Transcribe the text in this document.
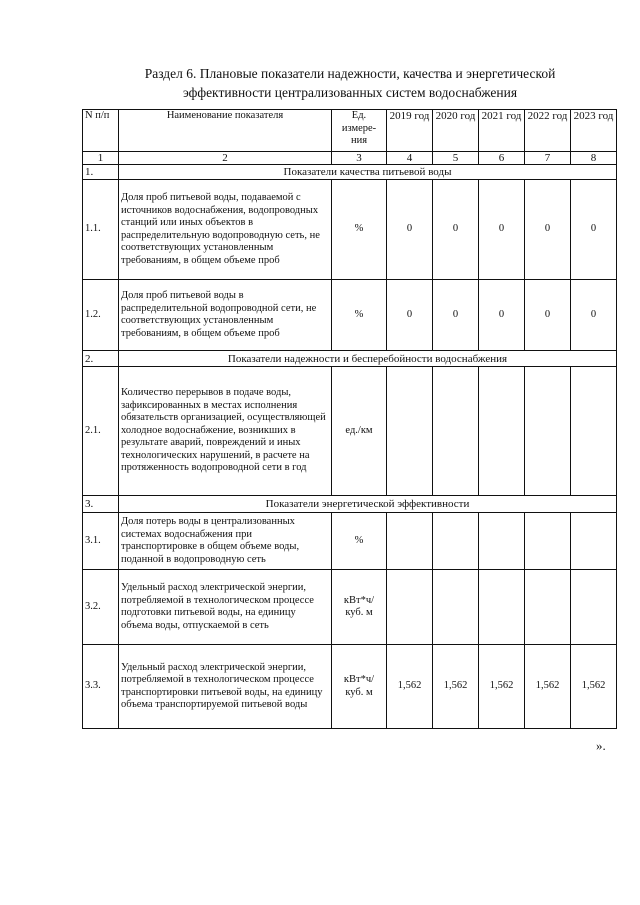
Раздел 6. Плановые показатели надежности, качества и энергетической
эффективности централизованных систем водоснабжения
N п/п	Наименование показателя	Ед. измере- ния	2019 год	2020 год	2021 год	2022 год	2023 год
1	2	3	4	5	6	7	8
1.	Показатели качества питьевой воды						
1.1.	Доля проб питьевой воды, подаваемой с источников водоснабжения, водопроводных станций или иных объектов в распределительную водопроводную сеть, не соответствующих установленным требованиям, в общем объеме проб	%	0	0	0	0	0
1.2.	Доля проб питьевой воды в распределительной водопроводной сети, не соответствующих установленным требованиям, в общем объеме проб	%	0	0	0	0	0
2.	Показатели надежности и бесперебойности водоснабжения						
2.1.	Количество перерывов в подаче воды, зафиксированных в местах исполнения обязательств организацией, осуществляющей холодное водоснабжение, возникших в результате аварий, повреждений и иных технологических нарушений, в расчете на протяженность водопроводной сети в год	ед./км					
3.	Показатели энергетической эффективности						
3.1.	Доля потерь воды в централизованных системах водоснабжения при транспортировке в общем объеме воды, поданной в водопроводную сеть	%					
3.2.	Удельный расход электрической энергии, потребляемой в технологическом процессе подготовки питьевой воды, на единицу объема воды, отпускаемой в сеть	кВт*ч/ куб. м					
3.3.	Удельный расход электрической энергии, потребляемой в технологическом процессе транспортировки питьевой воды, на единицу объема транспортируемой питьевой воды	кВт*ч/ куб. м	1,562	1,562	1,562	1,562	1,562
».
